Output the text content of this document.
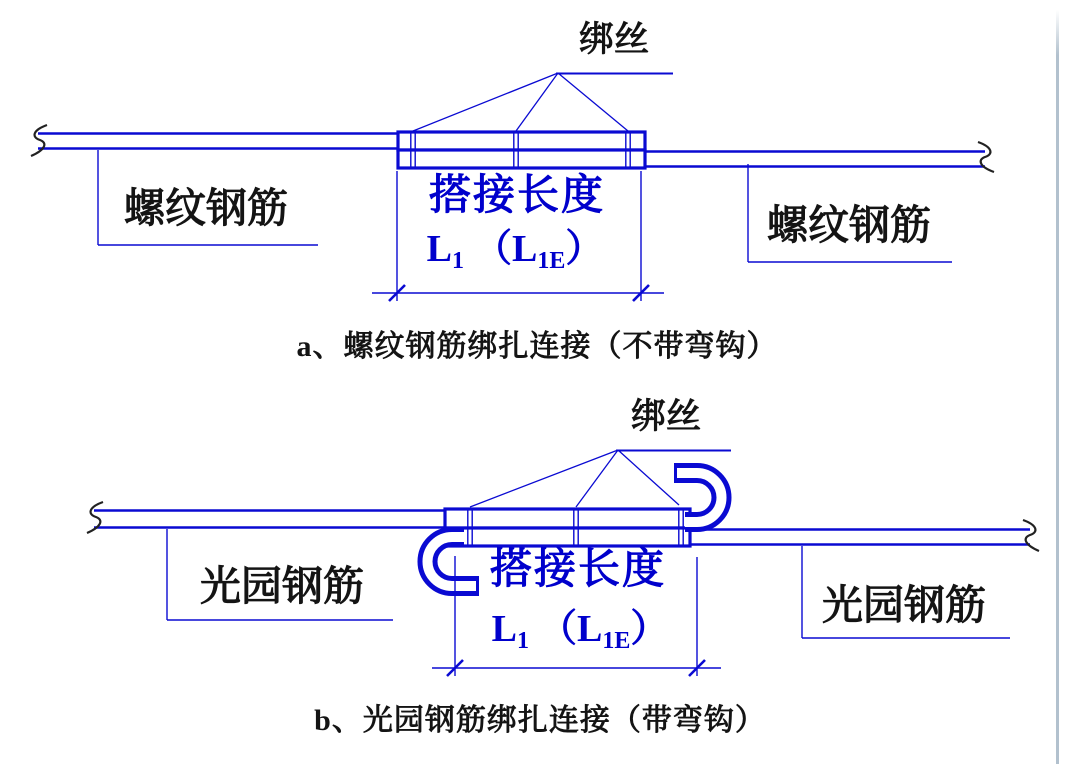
绑丝
螺纹钢筋	螺纹钢筋
搭接长度
L1 （L1E）
a、螺纹钢筋绑扎连接（不带弯钩）
绑丝
光园钢筋	光园钢筋
搭接长度
L1 （L1E）
b、光园钢筋绑扎连接（带弯钩）
